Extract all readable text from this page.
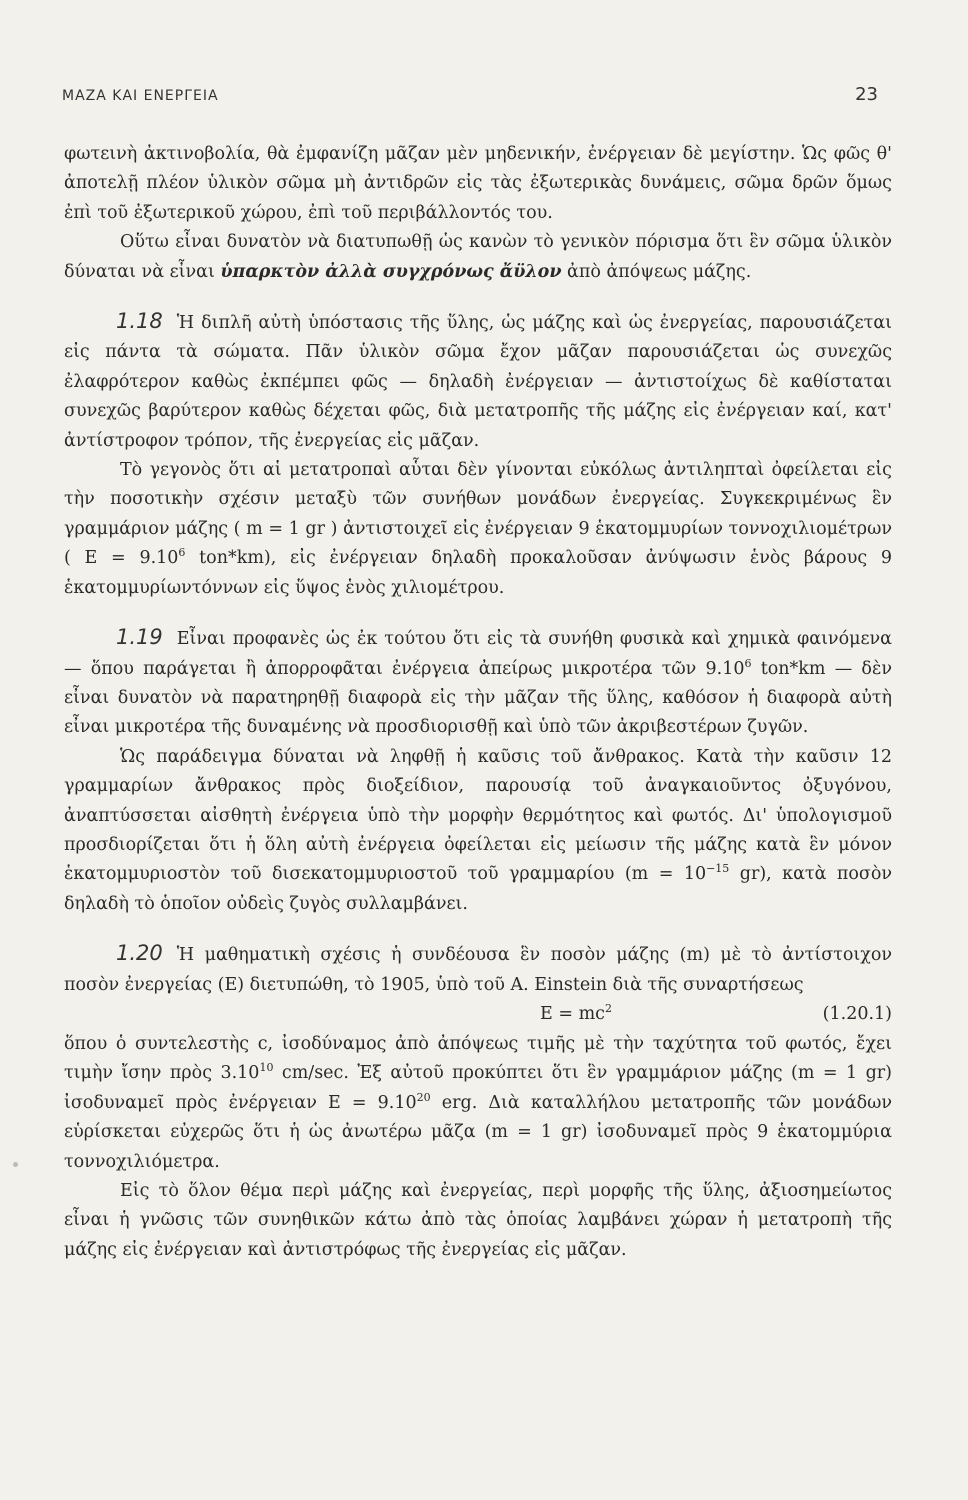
ΜΑΖΑ ΚΑΙ ΕΝΕΡΓΕΙΑ	23

φωτεινὴ ἀκτινοβολία, θὰ ἐμφανίζη μᾶζαν μὲν μηδενικήν, ἐνέργειαν δὲ μεγίστην. Ὡς φῶς θ' ἀποτελῇ πλέον ὑλικὸν σῶμα μὴ ἀντιδρῶν εἰς τὰς ἐξωτερικὰς δυνάμεις, σῶμα δρῶν ὅμως ἐπὶ τοῦ ἐξωτερικοῦ χώρου, ἐπὶ τοῦ περιβάλλοντός του.

Οὕτω εἶναι δυνατὸν νὰ διατυπωθῇ ὡς κανὼν τὸ γενικὸν πόρισμα ὅτι ἓν σῶμα ὑλικὸν δύναται νὰ εἶναι ὑπαρκτὸν ἀλλὰ συγχρόνως ἄϋλον ἀπὸ ἀπόψεως μάζης.

1.18 Ἡ διπλῆ αὐτὴ ὑπόστασις τῆς ὕλης, ὡς μάζης καὶ ὡς ἐνεργείας, παρουσιάζεται εἰς πάντα τὰ σώματα. Πᾶν ὑλικὸν σῶμα ἔχον μᾶζαν παρουσιάζεται ὡς συνεχῶς ἐλαφρότερον καθὼς ἐκπέμπει φῶς — δηλαδὴ ἐνέργειαν — ἀντιστοίχως δὲ καθίσταται συνεχῶς βαρύτερον καθὼς δέχεται φῶς, διὰ μετατροπῆς τῆς μάζης εἰς ἐνέργειαν καί, κατ' ἀντίστροφον τρόπον, τῆς ἐνεργείας εἰς μᾶζαν.

Τὸ γεγονὸς ὅτι αἱ μετατροπαὶ αὗται δὲν γίνονται εὐκόλως ἀντιληπταὶ ὀφείλεται εἰς τὴν ποσοτικὴν σχέσιν μεταξὺ τῶν συνήθων μονάδων ἐνεργείας. Συγκεκριμένως ἓν γραμμάριον μάζης ( m = 1 gr ) ἀντιστοιχεῖ εἰς ἐνέργειαν 9 ἑκατομμυρίων τοννοχιλιομέτρων ( $E = 9.10^6$ ton*km), εἰς ἐνέργειαν δηλαδὴ προκαλοῦσαν ἀνύψωσιν ἑνὸς βάρους 9 ἑκατομμυρίωντόννων εἰς ὕψος ἑνὸς χιλιομέτρου.

1.19 Εἶναι προφανὲς ὡς ἐκ τούτου ὅτι εἰς τὰ συνήθη φυσικὰ καὶ χημικὰ φαινόμενα — ὅπου παράγεται ἢ ἀπορροφᾶται ἐνέργεια ἀπείρως μικροτέρα τῶν 9.10$^6$ ton*km — δὲν εἶναι δυνατὸν νὰ παρατηρηθῇ διαφορὰ εἰς τὴν μᾶζαν τῆς ὕλης, καθόσον ἡ διαφορὰ αὐτὴ εἶναι μικροτέρα τῆς δυναμένης νὰ προσδιορισθῇ καὶ ὑπὸ τῶν ἀκριβεστέρων ζυγῶν.

Ὡς παράδειγμα δύναται νὰ ληφθῇ ἡ καῦσις τοῦ ἄνθρακος. Κατὰ τὴν καῦσιν 12 γραμμαρίων ἄνθρακος πρὸς διοξείδιον, παρουσίᾳ τοῦ ἀναγκαιοῦντος ὀξυγόνου, ἀναπτύσσεται αἰσθητὴ ἐνέργεια ὑπὸ τὴν μορφὴν θερμότητος καὶ φωτός. Δι' ὑπολογισμοῦ προσδιορίζεται ὅτι ἡ ὅλη αὐτὴ ἐνέργεια ὀφείλεται εἰς μείωσιν τῆς μάζης κατὰ ἓν μόνον ἑκατομμυριοστὸν τοῦ δισεκατομμυριοστοῦ τοῦ γραμμαρίου ($m = 10^{-15}$ gr), κατὰ ποσὸν δηλαδὴ τὸ ὁποῖον οὐδεὶς ζυγὸς συλλαμβάνει.

1.20 Ἡ μαθηματικὴ σχέσις ἡ συνδέουσα ἓν ποσὸν μάζης (m) μὲ τὸ ἀντίστοιχον ποσὸν ἐνεργείας (E) διετυπώθη, τὸ 1905, ὑπὸ τοῦ A. Einstein διὰ τῆς συναρτήσεως

$E = mc^2$	(1.20.1)

ὅπου ὁ συντελεστὴς c, ἰσοδύναμος ἀπὸ ἀπόψεως τιμῆς μὲ τὴν ταχύτητα τοῦ φωτός, ἔχει τιμὴν ἴσην πρὸς 3.10$^{10}$ cm/sec. Ἐξ αὐτοῦ προκύπτει ὅτι ἓν γραμμάριον μάζης (m = 1 gr) ἰσοδυναμεῖ πρὸς ἐνέργειαν $E = 9.10^{20}$ erg. Διὰ καταλλήλου μετατροπῆς τῶν μονάδων εὑρίσκεται εὐχερῶς ὅτι ἡ ὡς ἀνωτέρω μᾶζα (m = 1 gr) ἰσοδυναμεῖ πρὸς 9 ἑκατομμύρια τοννοχιλιόμετρα.

Εἰς τὸ ὅλον θέμα περὶ μάζης καὶ ἐνεργείας, περὶ μορφῆς τῆς ὕλης, ἀξιοσημείωτος εἶναι ἡ γνῶσις τῶν συνηθικῶν κάτω ἀπὸ τὰς ὁποίας λαμβάνει χώραν ἡ μετατροπὴ τῆς μάζης εἰς ἐνέργειαν καὶ ἀντιστρόφως τῆς ἐνεργείας εἰς μᾶζαν.
